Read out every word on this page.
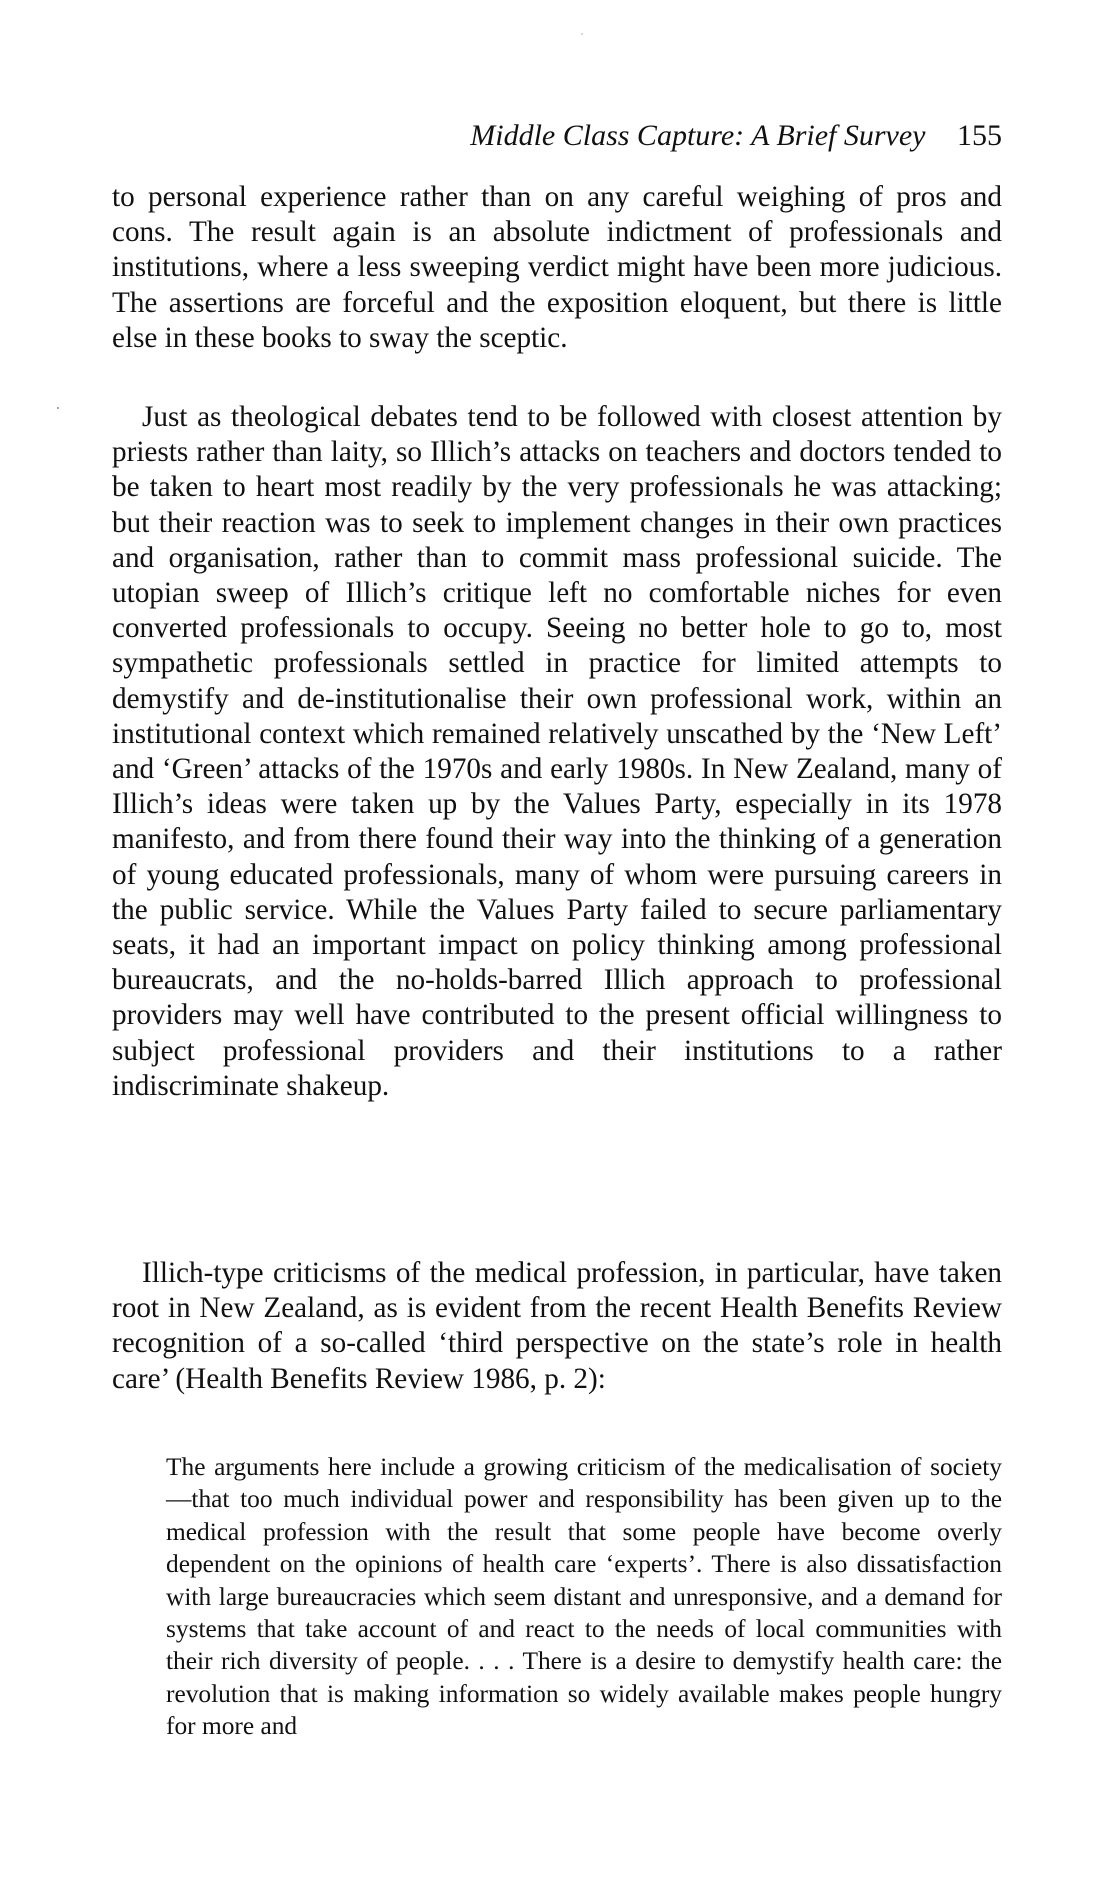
Middle Class Capture: A Brief Survey 155

to personal experience rather than on any careful weighing of pros and cons. The result again is an absolute indictment of professionals and institutions, where a less sweeping verdict might have been more judicious. The assertions are forceful and the exposition eloquent, but there is little else in these books to sway the sceptic.

Just as theological debates tend to be followed with closest attention by priests rather than laity, so Illich’s attacks on teachers and doctors tended to be taken to heart most readily by the very professionals he was attacking; but their reaction was to seek to implement changes in their own practices and organisation, rather than to commit mass professional suicide. The utopian sweep of Illich’s critique left no comfortable niches for even converted professionals to occupy. Seeing no better hole to go to, most sympathetic professionals settled in practice for limited attempts to demystify and de-institutionalise their own professional work, within an institutional context which remained relatively unscathed by the ‘New Left’ and ‘Green’ attacks of the 1970s and early 1980s. In New Zealand, many of Illich’s ideas were taken up by the Values Party, especially in its 1978 manifesto, and from there found their way into the thinking of a generation of young educated professionals, many of whom were pursuing careers in the public service. While the Values Party failed to secure parliamentary seats, it had an important impact on policy thinking among professional bureaucrats, and the no-holds-barred Illich approach to professional providers may well have contributed to the present official willingness to subject professional providers and their institutions to a rather indiscriminate shakeup.

Illich-type criticisms of the medical profession, in particular, have taken root in New Zealand, as is evident from the recent Health Benefits Review recognition of a so-called ‘third perspective on the state’s role in health care’ (Health Benefits Review 1986, p. 2):

The arguments here include a growing criticism of the medicalisation of society—that too much individual power and responsibility has been given up to the medical profession with the result that some people have become overly dependent on the opinions of health care ‘experts’. There is also dissatisfaction with large bureaucracies which seem distant and unresponsive, and a demand for systems that take account of and react to the needs of local communities with their rich diversity of people. . . . There is a desire to demystify health care: the revolution that is making information so widely available makes people hungry for more and
